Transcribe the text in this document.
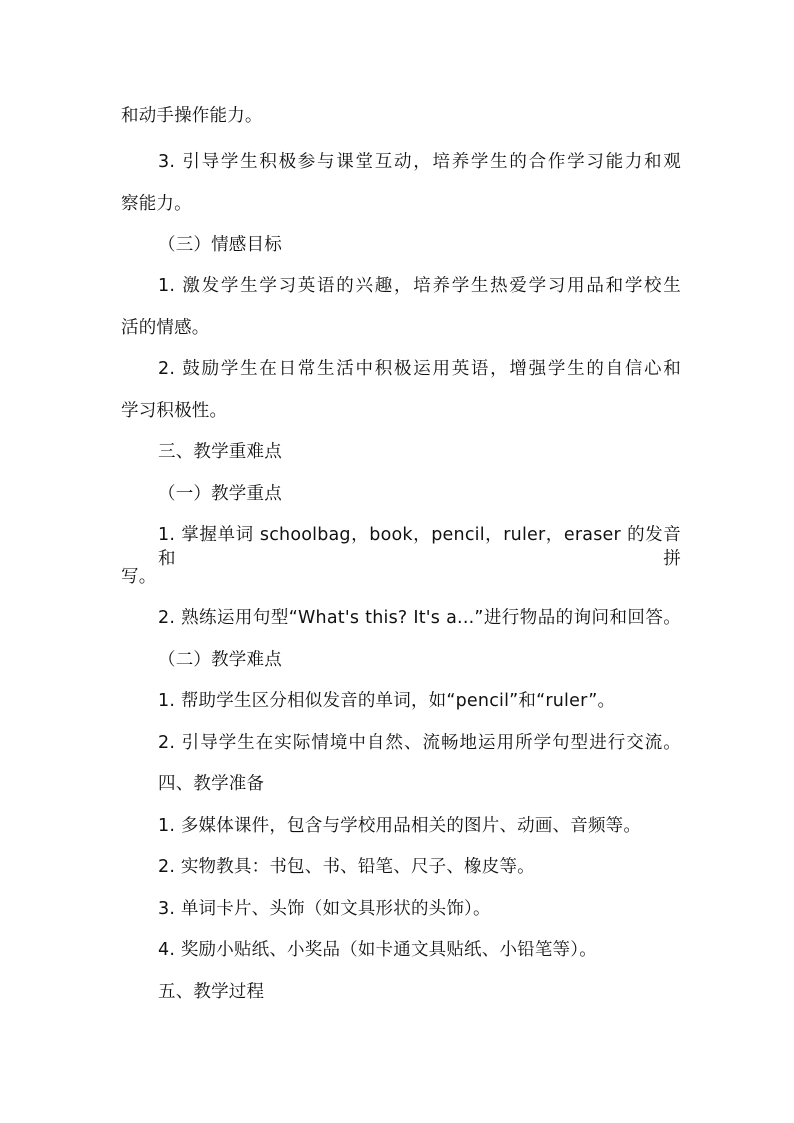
和动手操作能力。
3. 引导学生积极参与课堂互动，培养学生的合作学习能力和观
察能力。
（三）情感目标
1. 激发学生学习英语的兴趣，培养学生热爱学习用品和学校生
活的情感。
2. 鼓励学生在日常生活中积极运用英语，增强学生的自信心和
学习积极性。
三、教学重难点
（一）教学重点
1. 掌握单词 schoolbag，book，pencil，ruler，eraser 的发音和拼
写。
2. 熟练运用句型“What's this? It's a...”进行物品的询问和回答。
（二）教学难点
1. 帮助学生区分相似发音的单词，如“pencil”和“ruler”。
2. 引导学生在实际情境中自然、流畅地运用所学句型进行交流。
四、教学准备
1. 多媒体课件，包含与学校用品相关的图片、动画、音频等。
2. 实物教具：书包、书、铅笔、尺子、橡皮等。
3. 单词卡片、头饰（如文具形状的头饰）。
4. 奖励小贴纸、小奖品（如卡通文具贴纸、小铅笔等）。
五、教学过程
